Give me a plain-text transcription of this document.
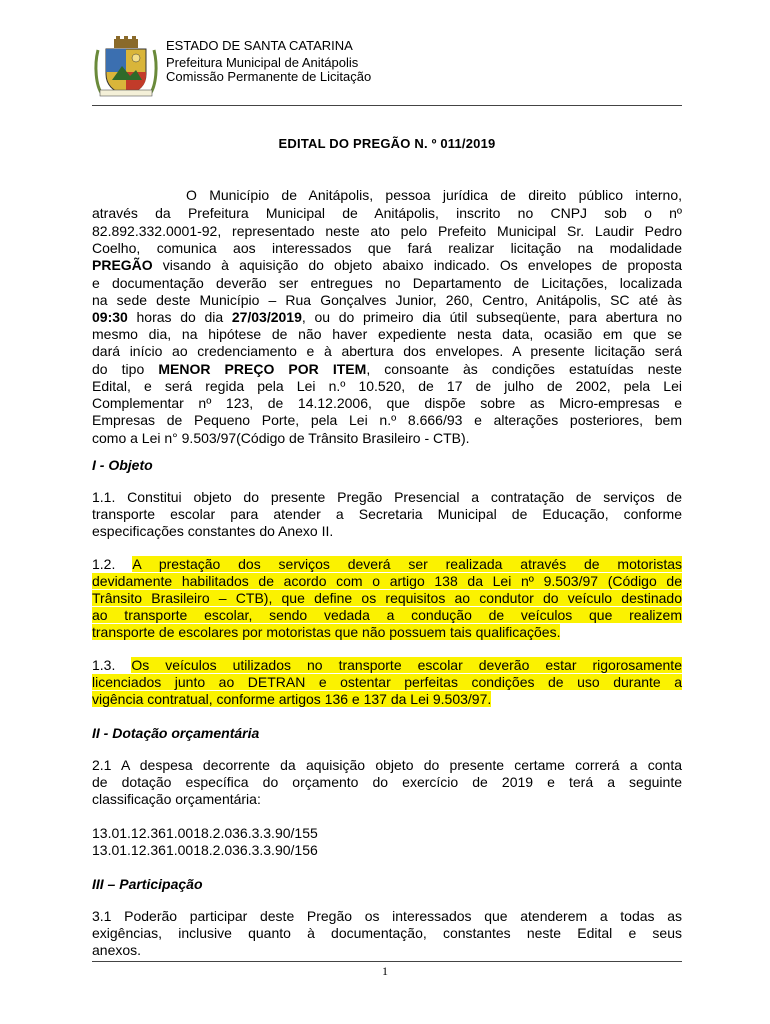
ESTADO DE SANTA CATARINA
Prefeitura Municipal de Anitápolis
Comissão Permanente de Licitação
EDITAL DO PREGÃO N. º 011/2019
O Município de Anitápolis, pessoa jurídica de direito público interno,
através da Prefeitura Municipal de Anitápolis, inscrito no CNPJ sob o nº
82.892.332.0001-92, representado neste ato pelo Prefeito Municipal Sr. Laudir Pedro
Coelho, comunica aos interessados que fará realizar licitação na modalidade
PREGÃO visando à aquisição do objeto abaixo indicado. Os envelopes de proposta
e documentação deverão ser entregues no Departamento de Licitações, localizada
na sede deste Município – Rua Gonçalves Junior, 260, Centro, Anitápolis, SC até às
09:30 horas do dia 27/03/2019, ou do primeiro dia útil subseqüente, para abertura no
mesmo dia, na hipótese de não haver expediente nesta data, ocasião em que se
dará início ao credenciamento e à abertura dos envelopes. A presente licitação será
do tipo MENOR PREÇO POR ITEM, consoante às condições estatuídas neste
Edital, e será regida pela Lei n.º 10.520, de 17 de julho de 2002, pela Lei
Complementar nº 123, de 14.12.2006, que dispõe sobre as Micro-empresas e
Empresas de Pequeno Porte, pela Lei n.º 8.666/93 e alterações posteriores, bem
como a Lei n° 9.503/97(Código de Trânsito Brasileiro - CTB).
I - Objeto
1.1. Constitui objeto do presente Pregão Presencial a contratação de serviços de
transporte escolar para atender a Secretaria Municipal de Educação, conforme
especificações constantes do Anexo II.
1.2. A prestação dos serviços deverá ser realizada através de motoristas
devidamente habilitados de acordo com o artigo 138 da Lei nº 9.503/97 (Código de
Trânsito Brasileiro – CTB), que define os requisitos ao condutor do veículo destinado
ao transporte escolar, sendo vedada a condução de veículos que realizem
transporte de escolares por motoristas que não possuem tais qualificações.
1.3. Os veículos utilizados no transporte escolar deverão estar rigorosamente
licenciados junto ao DETRAN e ostentar perfeitas condições de uso durante a
vigência contratual, conforme artigos 136 e 137 da Lei 9.503/97.
II - Dotação orçamentária
2.1 A despesa decorrente da aquisição objeto do presente certame correrá a conta
de dotação específica do orçamento do exercício de 2019 e terá a seguinte
classificação orçamentária:
13.01.12.361.0018.2.036.3.3.90/155
13.01.12.361.0018.2.036.3.3.90/156
III – Participação
3.1 Poderão participar deste Pregão os interessados que atenderem a todas as
exigências, inclusive quanto à documentação, constantes neste Edital e seus
anexos.
1
